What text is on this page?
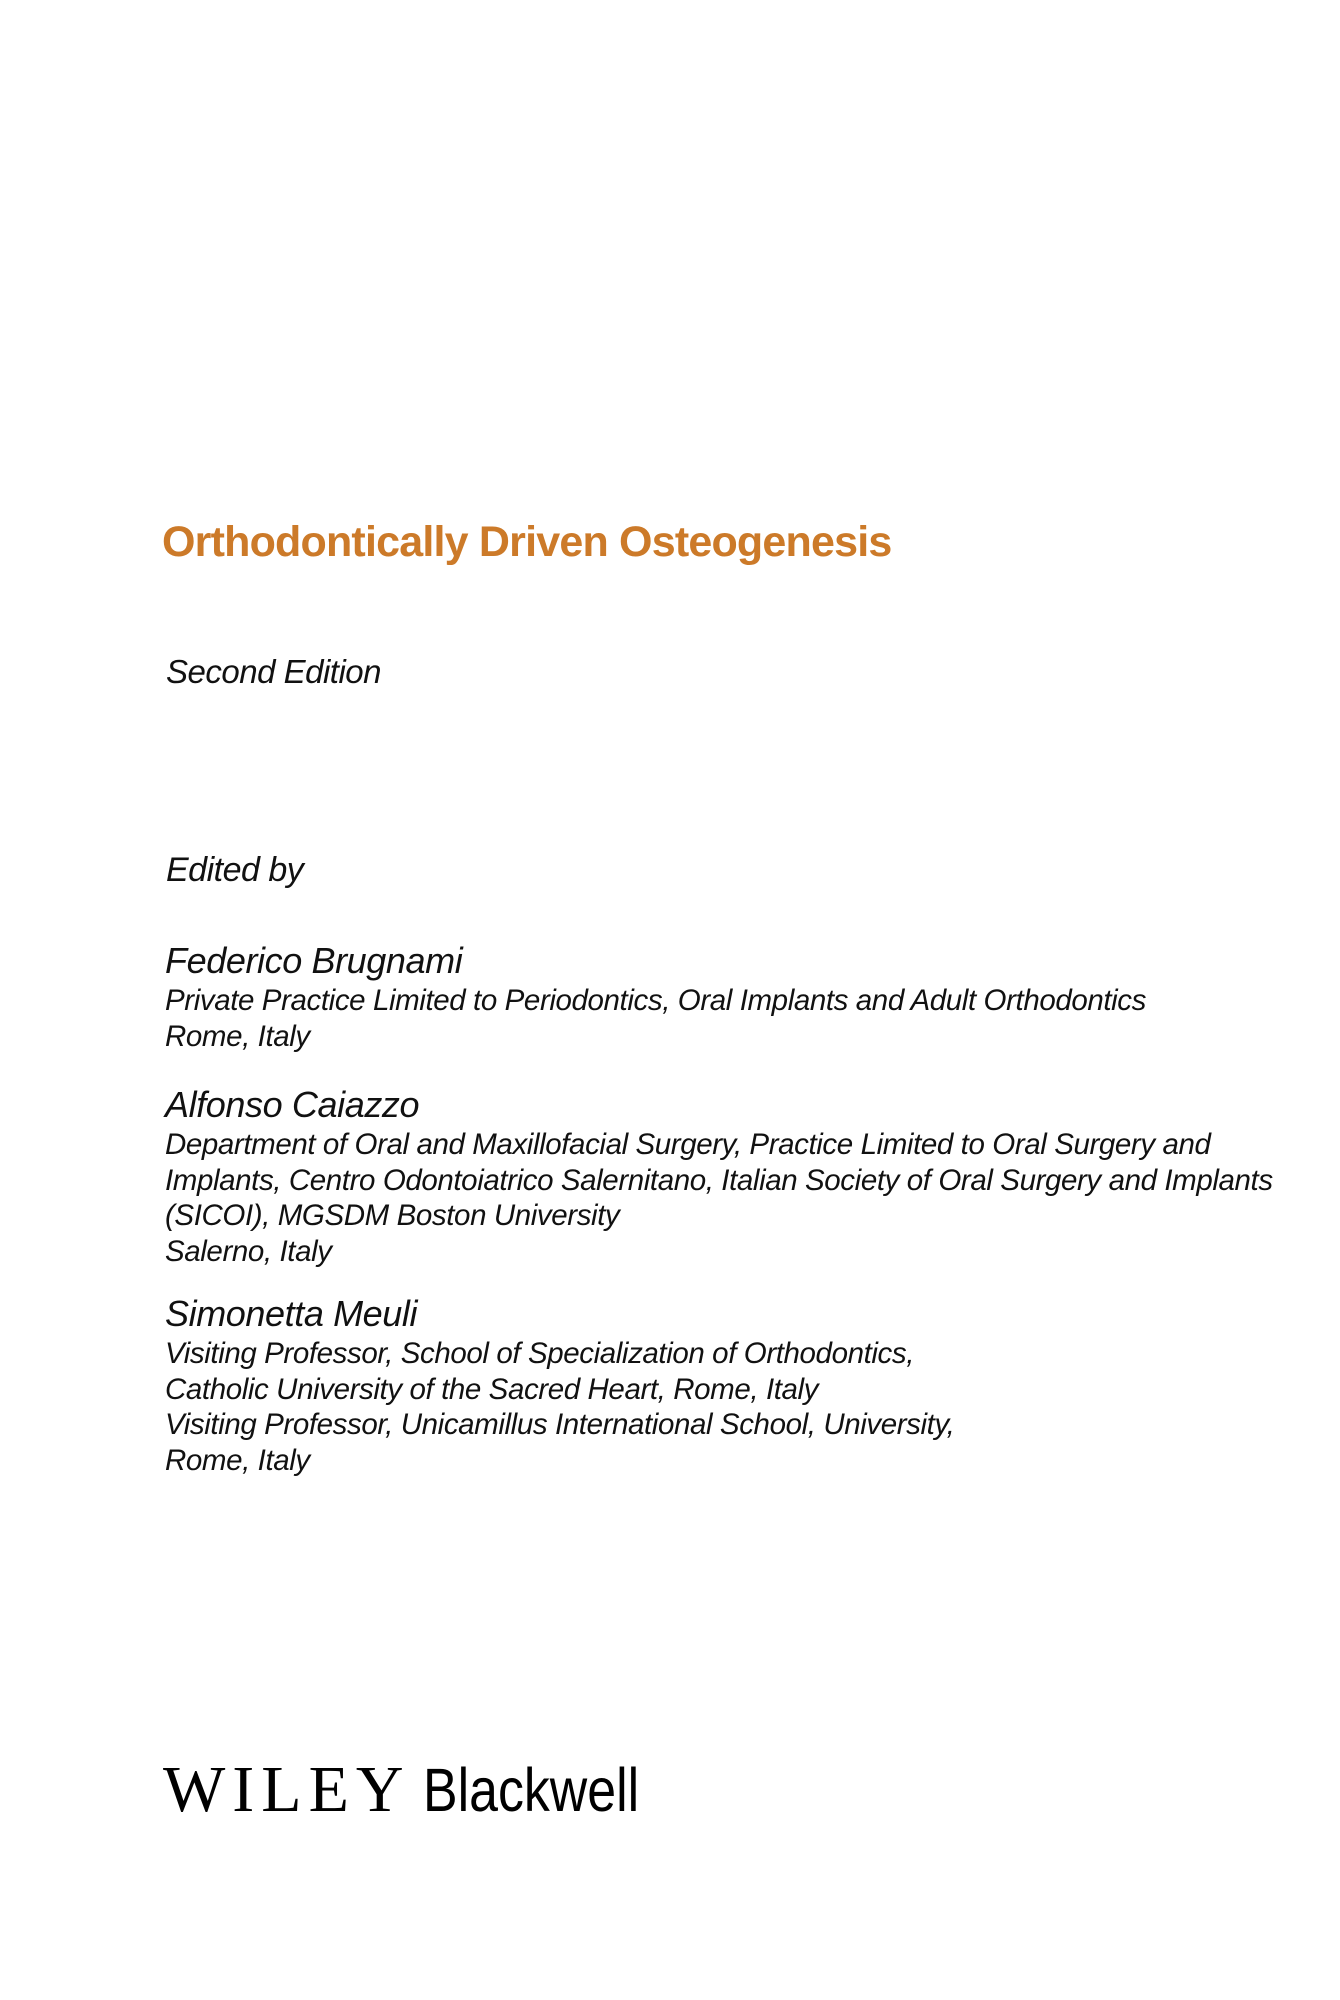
Orthodontically Driven Osteogenesis
Second Edition
Edited by

Federico Brugnami

Private Practice Limited to Periodontics, Oral Implants and Adult Orthodontics

Rome, Italy

Alfonso Caiazzo

Department of Oral and Maxillofacial Surgery, Practice Limited to Oral Surgery and

Implants, Centro Odontoiatrico Salernitano, Italian Society of Oral Surgery and Implants

(SICOI), MGSDM Boston University

Salerno, Italy

Simonetta Meuli

Visiting Professor, School of Specialization of Orthodontics,

Catholic University of the Sacred Heart, Rome, Italy

Visiting Professor, Unicamillus International School, University,

Rome, Italy

WILEY Blackwell
